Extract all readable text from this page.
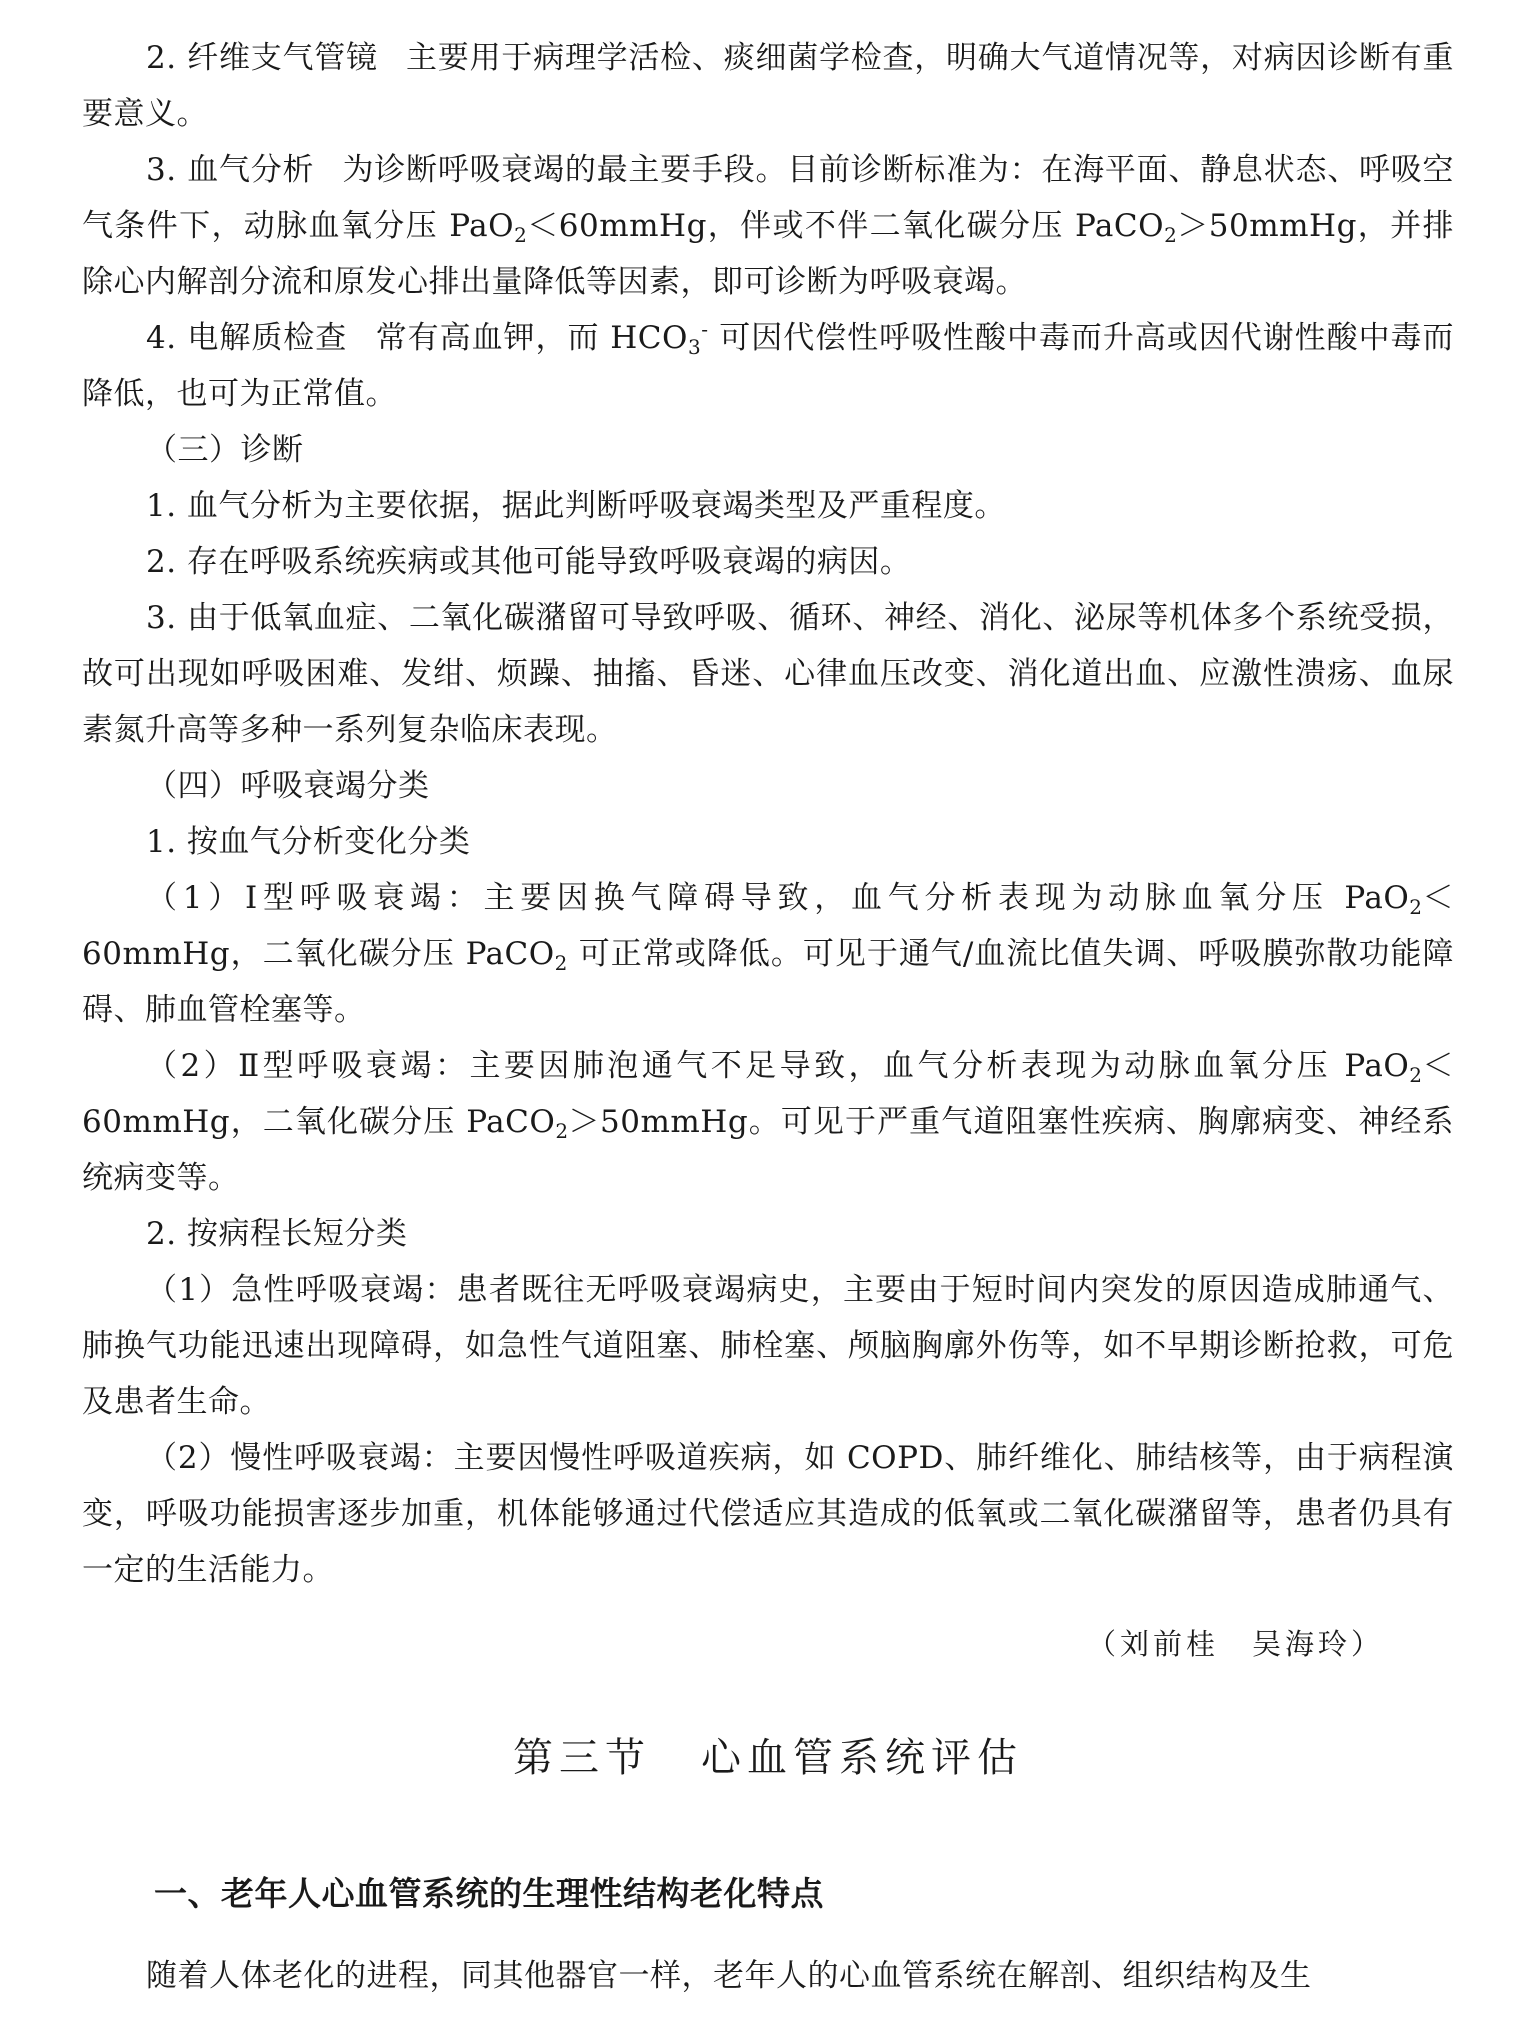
2. 纤维支气管镜 主要用于病理学活检、痰细菌学检查，明确大气道情况等，对病因诊断有重要意义。

3. 血气分析 为诊断呼吸衰竭的最主要手段。目前诊断标准为：在海平面、静息状态、呼吸空气条件下，动脉血氧分压 PaO$_2$＜60mmHg，伴或不伴二氧化碳分压 PaCO$_2$＞50mmHg，并排除心内解剖分流和原发心排出量降低等因素，即可诊断为呼吸衰竭。

4. 电解质检查 常有高血钾，而 $HCO_3^-$ 可因代偿性呼吸性酸中毒而升高或因代谢性酸中毒而降低，也可为正常值。

（三）诊断

1. 血气分析为主要依据，据此判断呼吸衰竭类型及严重程度。

2. 存在呼吸系统疾病或其他可能导致呼吸衰竭的病因。

3. 由于低氧血症、二氧化碳潴留可导致呼吸、循环、神经、消化、泌尿等机体多个系统受损，故可出现如呼吸困难、发绀、烦躁、抽搐、昏迷、心律血压改变、消化道出血、应激性溃疡、血尿素氮升高等多种一系列复杂临床表现。

（四）呼吸衰竭分类

1. 按血气分析变化分类

（1）Ⅰ型呼吸衰竭：主要因换气障碍导致，血气分析表现为动脉血氧分压 PaO$_2$＜60mmHg，二氧化碳分压 PaCO$_2$ 可正常或降低。可见于通气/血流比值失调、呼吸膜弥散功能障碍、肺血管栓塞等。

（2）Ⅱ型呼吸衰竭：主要因肺泡通气不足导致，血气分析表现为动脉血氧分压 PaO$_2$＜60mmHg，二氧化碳分压 PaCO$_2$＞50mmHg。可见于严重气道阻塞性疾病、胸廓病变、神经系统病变等。

2. 按病程长短分类

（1）急性呼吸衰竭：患者既往无呼吸衰竭病史，主要由于短时间内突发的原因造成肺通气、肺换气功能迅速出现障碍，如急性气道阻塞、肺栓塞、颅脑胸廓外伤等，如不早期诊断抢救，可危及患者生命。

（2）慢性呼吸衰竭：主要因慢性呼吸道疾病，如 COPD、肺纤维化、肺结核等，由于病程演变，呼吸功能损害逐步加重，机体能够通过代偿适应其造成的低氧或二氧化碳潴留等，患者仍具有一定的生活能力。

（刘前桂　吴海玲）

第三节 心血管系统评估

一、老年人心血管系统的生理性结构老化特点

随着人体老化的进程，同其他器官一样，老年人的心血管系统在解剖、组织结构及生
